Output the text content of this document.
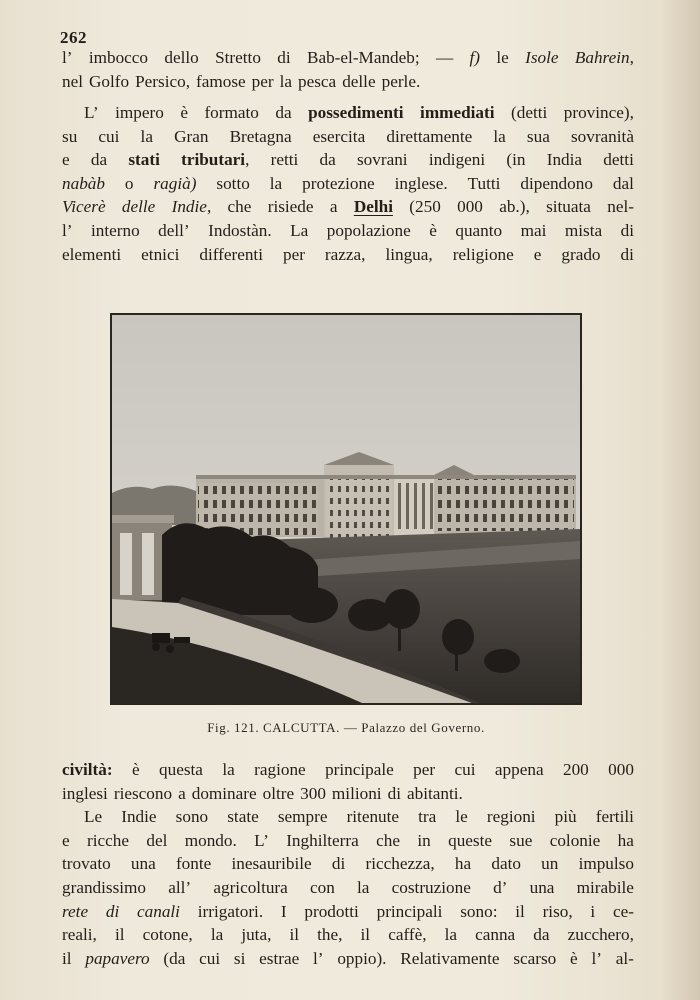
262
l’ imbocco dello Stretto di Bab-el-Mandeb; — f) le Isole Bahrein,
nel Golfo Persico, famose per la pesca delle perle.
L’ impero è formato da possedimenti immediati (detti province),
su cui la Gran Bretagna esercita direttamente la sua sovranità
e da stati tributari, retti da sovrani indigeni (in India detti
nabàb o ragià) sotto la protezione inglese. Tutti dipendono dal
Vicerè delle Indie, che risiede a Delhi (250 000 ab.), situata nel-
l’ interno dell’ Indostàn. La popolazione è quanto mai mista di
elementi etnici differenti per razza, lingua, religione e grado di
Fig. 121. CALCUTTA. — Palazzo del Governo.
civiltà: è questa la ragione principale per cui appena 200 000
inglesi riescono a dominare oltre 300 milioni di abitanti.
Le Indie sono state sempre ritenute tra le regioni più fertili
e ricche del mondo. L’ Inghilterra che in queste sue colonie ha
trovato una fonte inesauribile di ricchezza, ha dato un impulso
grandissimo all’ agricoltura con la costruzione d’ una mirabile
rete di canali irrigatori. I prodotti principali sono: il riso, i ce-
reali, il cotone, la juta, il the, il caffè, la canna da zucchero,
il papavero (da cui si estrae l’ oppio). Relativamente scarso è l’ al-
